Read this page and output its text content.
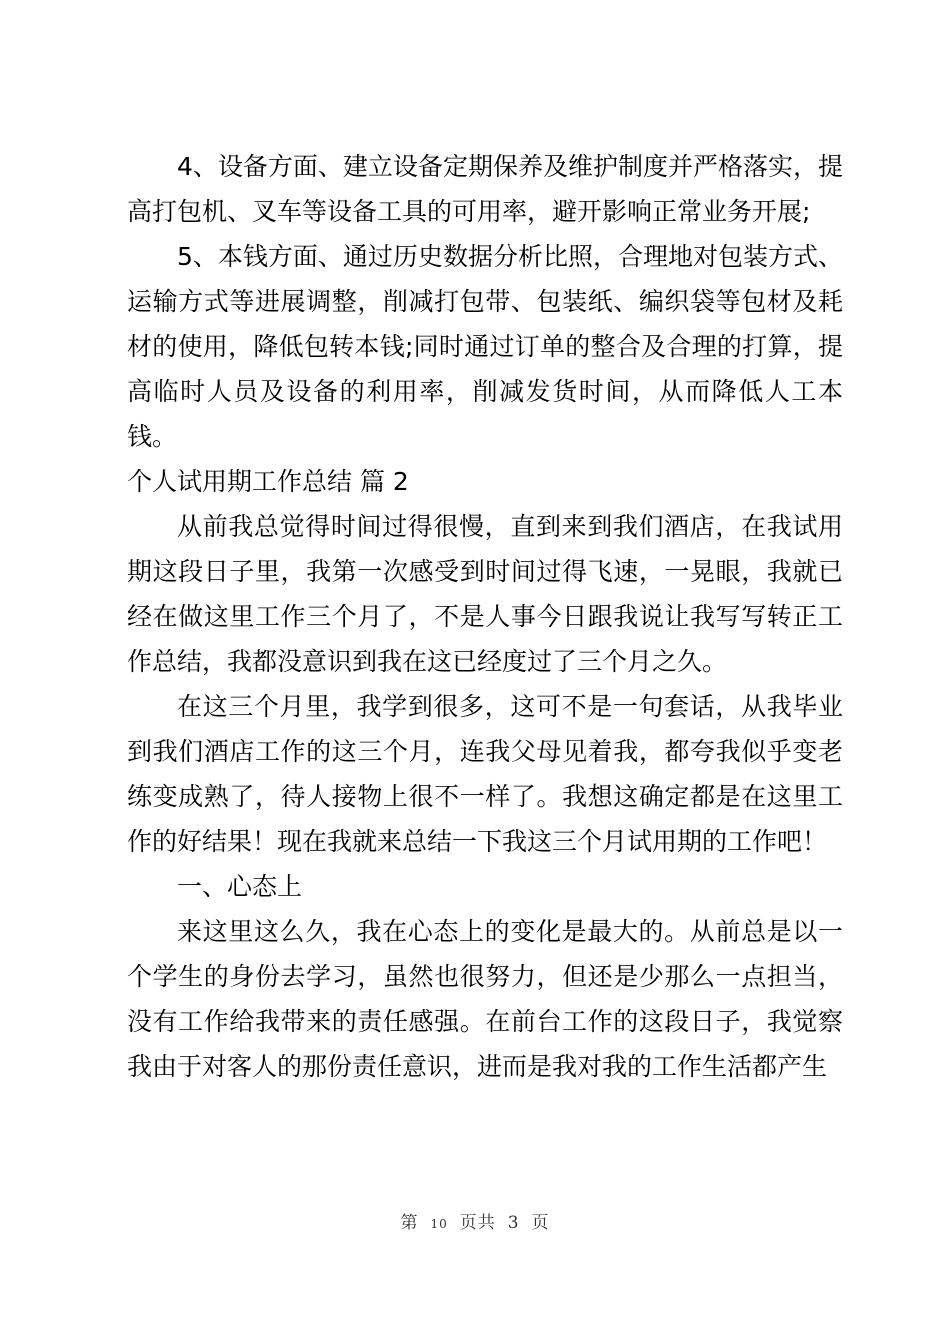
4、设备方面、建立设备定期保养及维护制度并严格落实，提高打包机、叉车等设备工具的可用率，避开影响正常业务开展;

5、本钱方面、通过历史数据分析比照，合理地对包装方式、运输方式等进展调整，削减打包带、包装纸、编织袋等包材及耗材的使用，降低包转本钱;同时通过订单的整合及合理的打算，提高临时人员及设备的利用率，削减发货时间，从而降低人工本钱。

个人试用期工作总结 篇 2

从前我总觉得时间过得很慢，直到来到我们酒店，在我试用期这段日子里，我第一次感受到时间过得飞速，一晃眼，我就已 经在做这里工作三个月了，不是人事今日跟我说让我写写转正工 作总结，我都没意识到我在这已经度过了三个月之久。

在这三个月里，我学到很多，这可不是一句套话，从我毕业到我们酒店工作的这三个月，连我父母见着我，都夸我似乎变老 练变成熟了，待人接物上很不一样了。我想这确定都是在这里工 作的好结果！现在我就来总结一下我这三个月试用期的工作吧！

一、心态上

来这里这么久，我在心态上的变化是最大的。从前总是以一个学生的身份去学习，虽然也很努力，但还是少那么一点担当， 没有工作给我带来的责任感强。在前台工作的这段日子，我觉察 我由于对客人的那份责任意识，进而是我对我的工作生活都产生

第 10 页共 3 页
